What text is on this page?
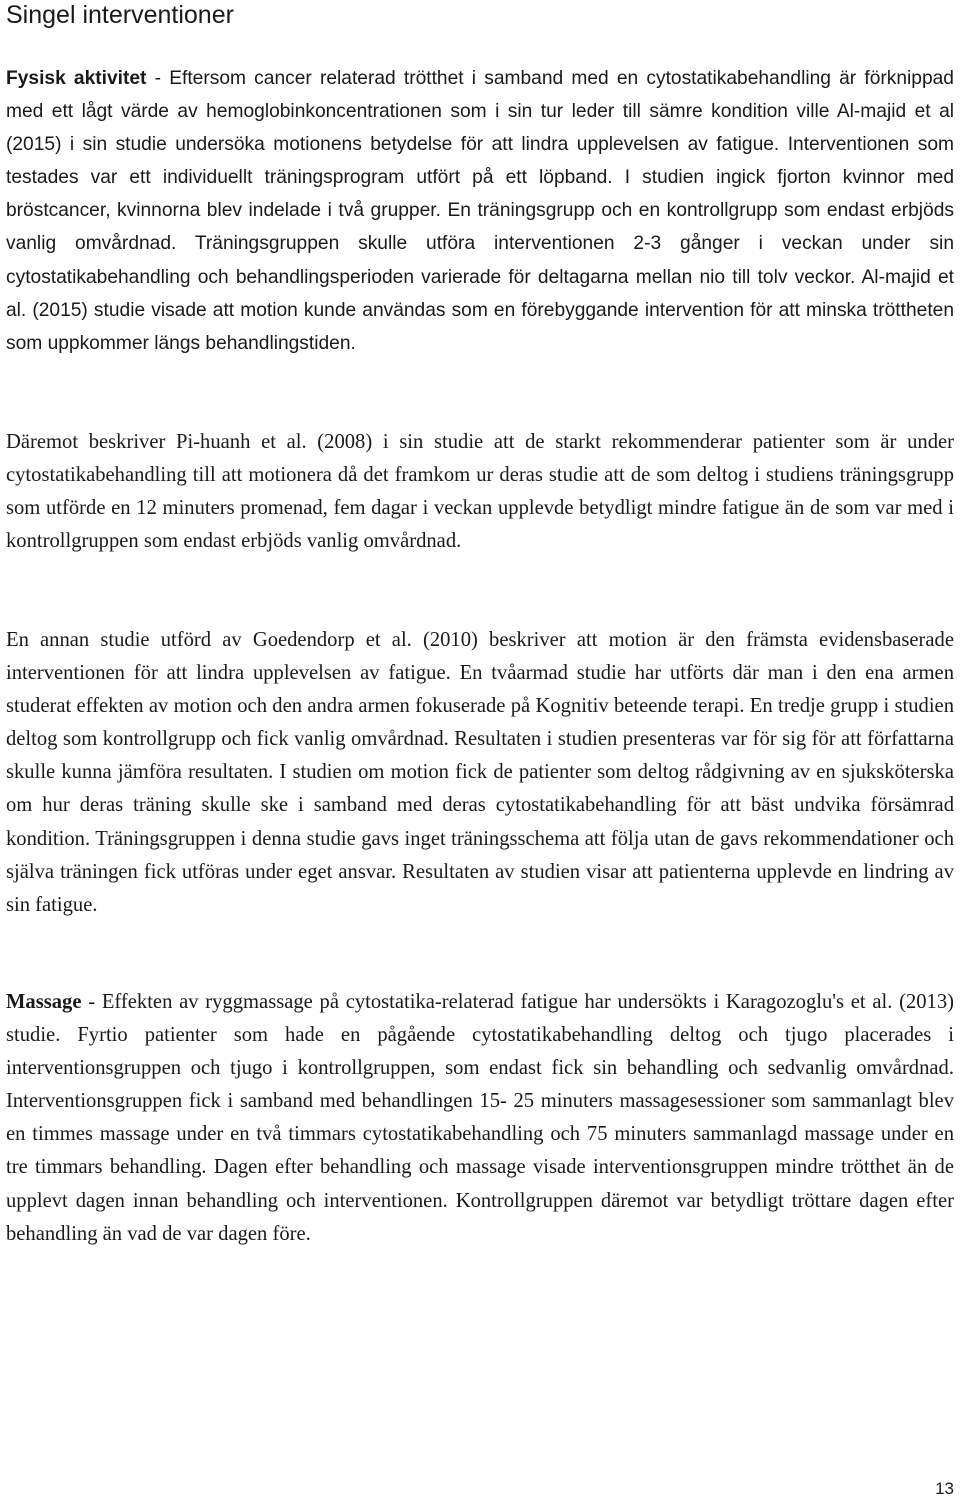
Singel interventioner

Fysisk aktivitet - Eftersom cancer relaterad trötthet i samband med en cytostatikabehandling är förknippad med ett lågt värde av hemoglobinkoncentrationen som i sin tur leder till sämre kondition ville Al-majid et al (2015) i sin studie undersöka motionens betydelse för att lindra upplevelsen av fatigue. Interventionen som testades var ett individuellt träningsprogram utfört på ett löpband. I studien ingick fjorton kvinnor med bröstcancer, kvinnorna blev indelade i två grupper. En träningsgrupp och en kontrollgrupp som endast erbjöds vanlig omvårdnad. Träningsgruppen skulle utföra interventionen 2-3 gånger i veckan under sin cytostatikabehandling och behandlingsperioden varierade för deltagarna mellan nio till tolv veckor. Al-majid et al. (2015) studie visade att motion kunde användas som en förebyggande intervention för att minska tröttheten som uppkommer längs behandlingstiden.

Däremot beskriver Pi-huanh et al. (2008) i sin studie att de starkt rekommenderar patienter som är under cytostatikabehandling till att motionera då det framkom ur deras studie att de som deltog i studiens träningsgrupp som utförde en 12 minuters promenad, fem dagar i veckan upplevde betydligt mindre fatigue än de som var med i kontrollgruppen som endast erbjöds vanlig omvårdnad.

En annan studie utförd av Goedendorp et al. (2010) beskriver att motion är den främsta evidensbaserade interventionen för att lindra upplevelsen av fatigue. En tvåarmad studie har utförts där man i den ena armen studerat effekten av motion och den andra armen fokuserade på Kognitiv beteende terapi. En tredje grupp i studien deltog som kontrollgrupp och fick vanlig omvårdnad. Resultaten i studien presenteras var för sig för att författarna skulle kunna jämföra resultaten. I studien om motion fick de patienter som deltog rådgivning av en sjuksköterska om hur deras träning skulle ske i samband med deras cytostatikabehandling för att bäst undvika försämrad kondition. Träningsgruppen i denna studie gavs inget träningsschema att följa utan de gavs rekommendationer och själva träningen fick utföras under eget ansvar. Resultaten av studien visar att patienterna upplevde en lindring av sin fatigue.

Massage - Effekten av ryggmassage på cytostatika-relaterad fatigue har undersökts i Karagozoglu's et al. (2013) studie. Fyrtio patienter som hade en pågående cytostatikabehandling deltog och tjugo placerades i interventionsgruppen och tjugo i kontrollgruppen, som endast fick sin behandling och sedvanlig omvårdnad. Interventionsgruppen fick i samband med behandlingen 15- 25 minuters massagesessioner som sammanlagt blev en timmes massage under en två timmars cytostatikabehandling och 75 minuters sammanlagd massage under en tre timmars behandling. Dagen efter behandling och massage visade interventionsgruppen mindre trötthet än de upplevt dagen innan behandling och interventionen. Kontrollgruppen däremot var betydligt tröttare dagen efter behandling än vad de var dagen före.

13
